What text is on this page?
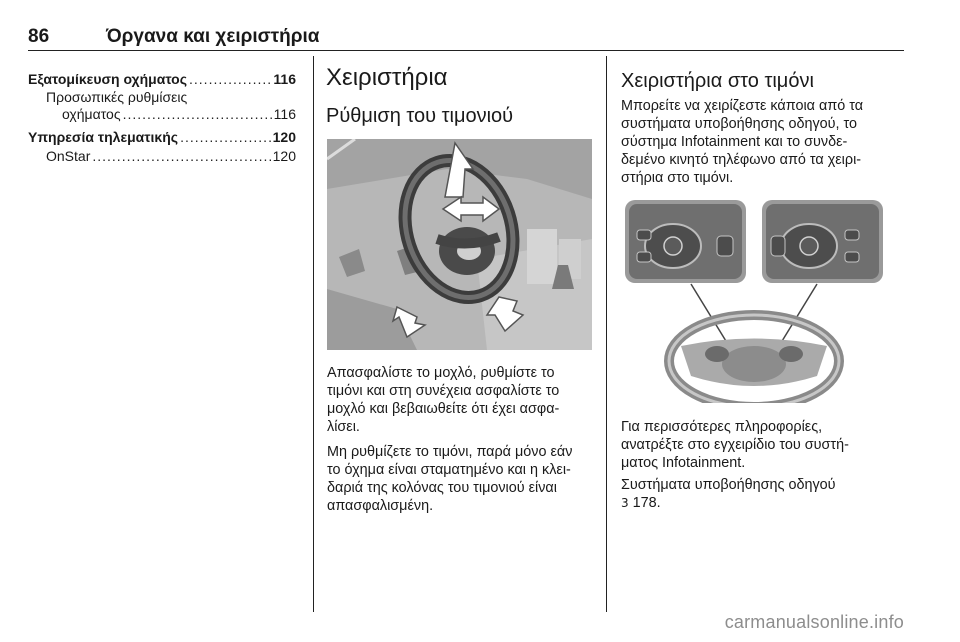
86	Όργανα και χειριστήρια
Εξατομίκευση οχήματος .....	116
Προσωπικές ρυθμίσεις
οχήματος .....	116
Υπηρεσία τηλεματικής .....	120
OnStar .....	120
Χειριστήρια
Ρύθμιση του τιμονιού

Απασφαλίστε το μοχλό, ρυθμίστε το

τιμόνι και στη συνέχεια ασφαλίστε το

μοχλό και βεβαιωθείτε ότι έχει ασφα-

λίσει.

Μη ρυθμίζετε το τιμόνι, παρά μόνο εάν

το όχημα είναι σταματημένο και η κλει-

δαριά της κολόνας του τιμονιού είναι

απασφαλισμένη.

Χειριστήρια στο τιμόνι

Μπορείτε να χειρίζεστε κάποια από τα

συστήματα υποβοήθησης οδηγού, το

σύστημα Infotainment και το συνδε-

δεμένο κινητό τηλέφωνο από τα χειρι-

στήρια στο τιμόνι.

Για περισσότερες πληροφορίες,

ανατρέξτε στο εγχειρίδιο του συστή-

ματος Infotainment.

Συστήματα υποβοήθησης οδηγού

3 178.

carmanualsonline.info
